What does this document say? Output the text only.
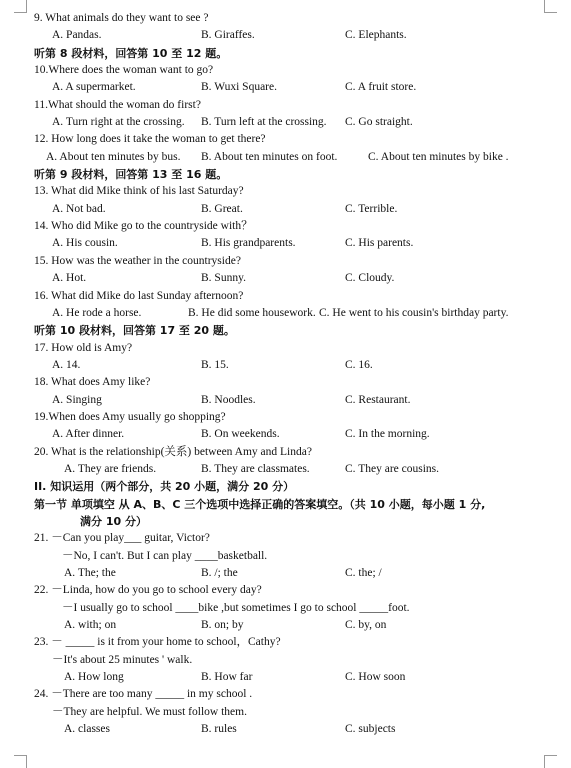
9. What animals do they want to see ?
A. Pandas.	B. Giraffes.	C. Elephants.
听第 8 段材料，回答第 10 至 12 题。
10.Where does the woman want to go?
A. A supermarket.	B. Wuxi Square.	C. A fruit store.
11.What should the woman do first?
A. Turn right at the crossing. B. Turn left at the crossing. C. Go straight.
12. How long does it take the woman to get there?
A. About ten minutes by bus. B. About ten minutes on foot.	C. About ten minutes by bike .
听第 9 段材料，回答第 13 至 16 题。
13. What did Mike think of his last Saturday?
A. Not bad.	B. Great.	C. Terrible.
14. Who did Mike go to the countryside with？
A. His cousin.	B. His grandparents.	C. His parents.
15. How was the weather in the countryside?
A. Hot.	B. Sunny.	C. Cloudy.
16. What did Mike do last Sunday afternoon?
A. He rode a horse.	B. He did some housework. C. He went to his cousin's birthday party.
听第 10 段材料，回答第 17 至 20 题。
17. How old is Amy?
A. 14.	B. 15.	C. 16.
18. What does Amy like?
A. Singing	B. Noodles.	C. Restaurant.
19.When does Amy usually go shopping?
A. After dinner.	B. On weekends.	C. In the morning.
20. What is the relationship(关系) between Amy and Linda?
A. They are friends.	B. They are classmates.	C. They are cousins.
II. 知识运用（两个部分，共 20 小题，满分 20 分）
第一节 单项填空 从 A、B、C 三个选项中选择正确的答案填空。（共 10 小题，每小题 1 分,
满分 10 分）
21. －Can you play___ guitar, Victor?
－No, I can't. But I can play ____basketball.
A. The; the	B. /; the	C. the; /
22. －Linda, how do you go to school every day?
－I usually go to school ____bike ,but sometimes I go to school _____foot.
A. with; on	B. on; by	C. by, on
23. － _____ is it from your home to school，Cathy?
－It's about 25 minutes ' walk.
A. How long	B. How far	C. How soon
24. －There are too many _____ in my school .
－They are helpful. We must follow them.
A. classes	B. rules	C. subjects
